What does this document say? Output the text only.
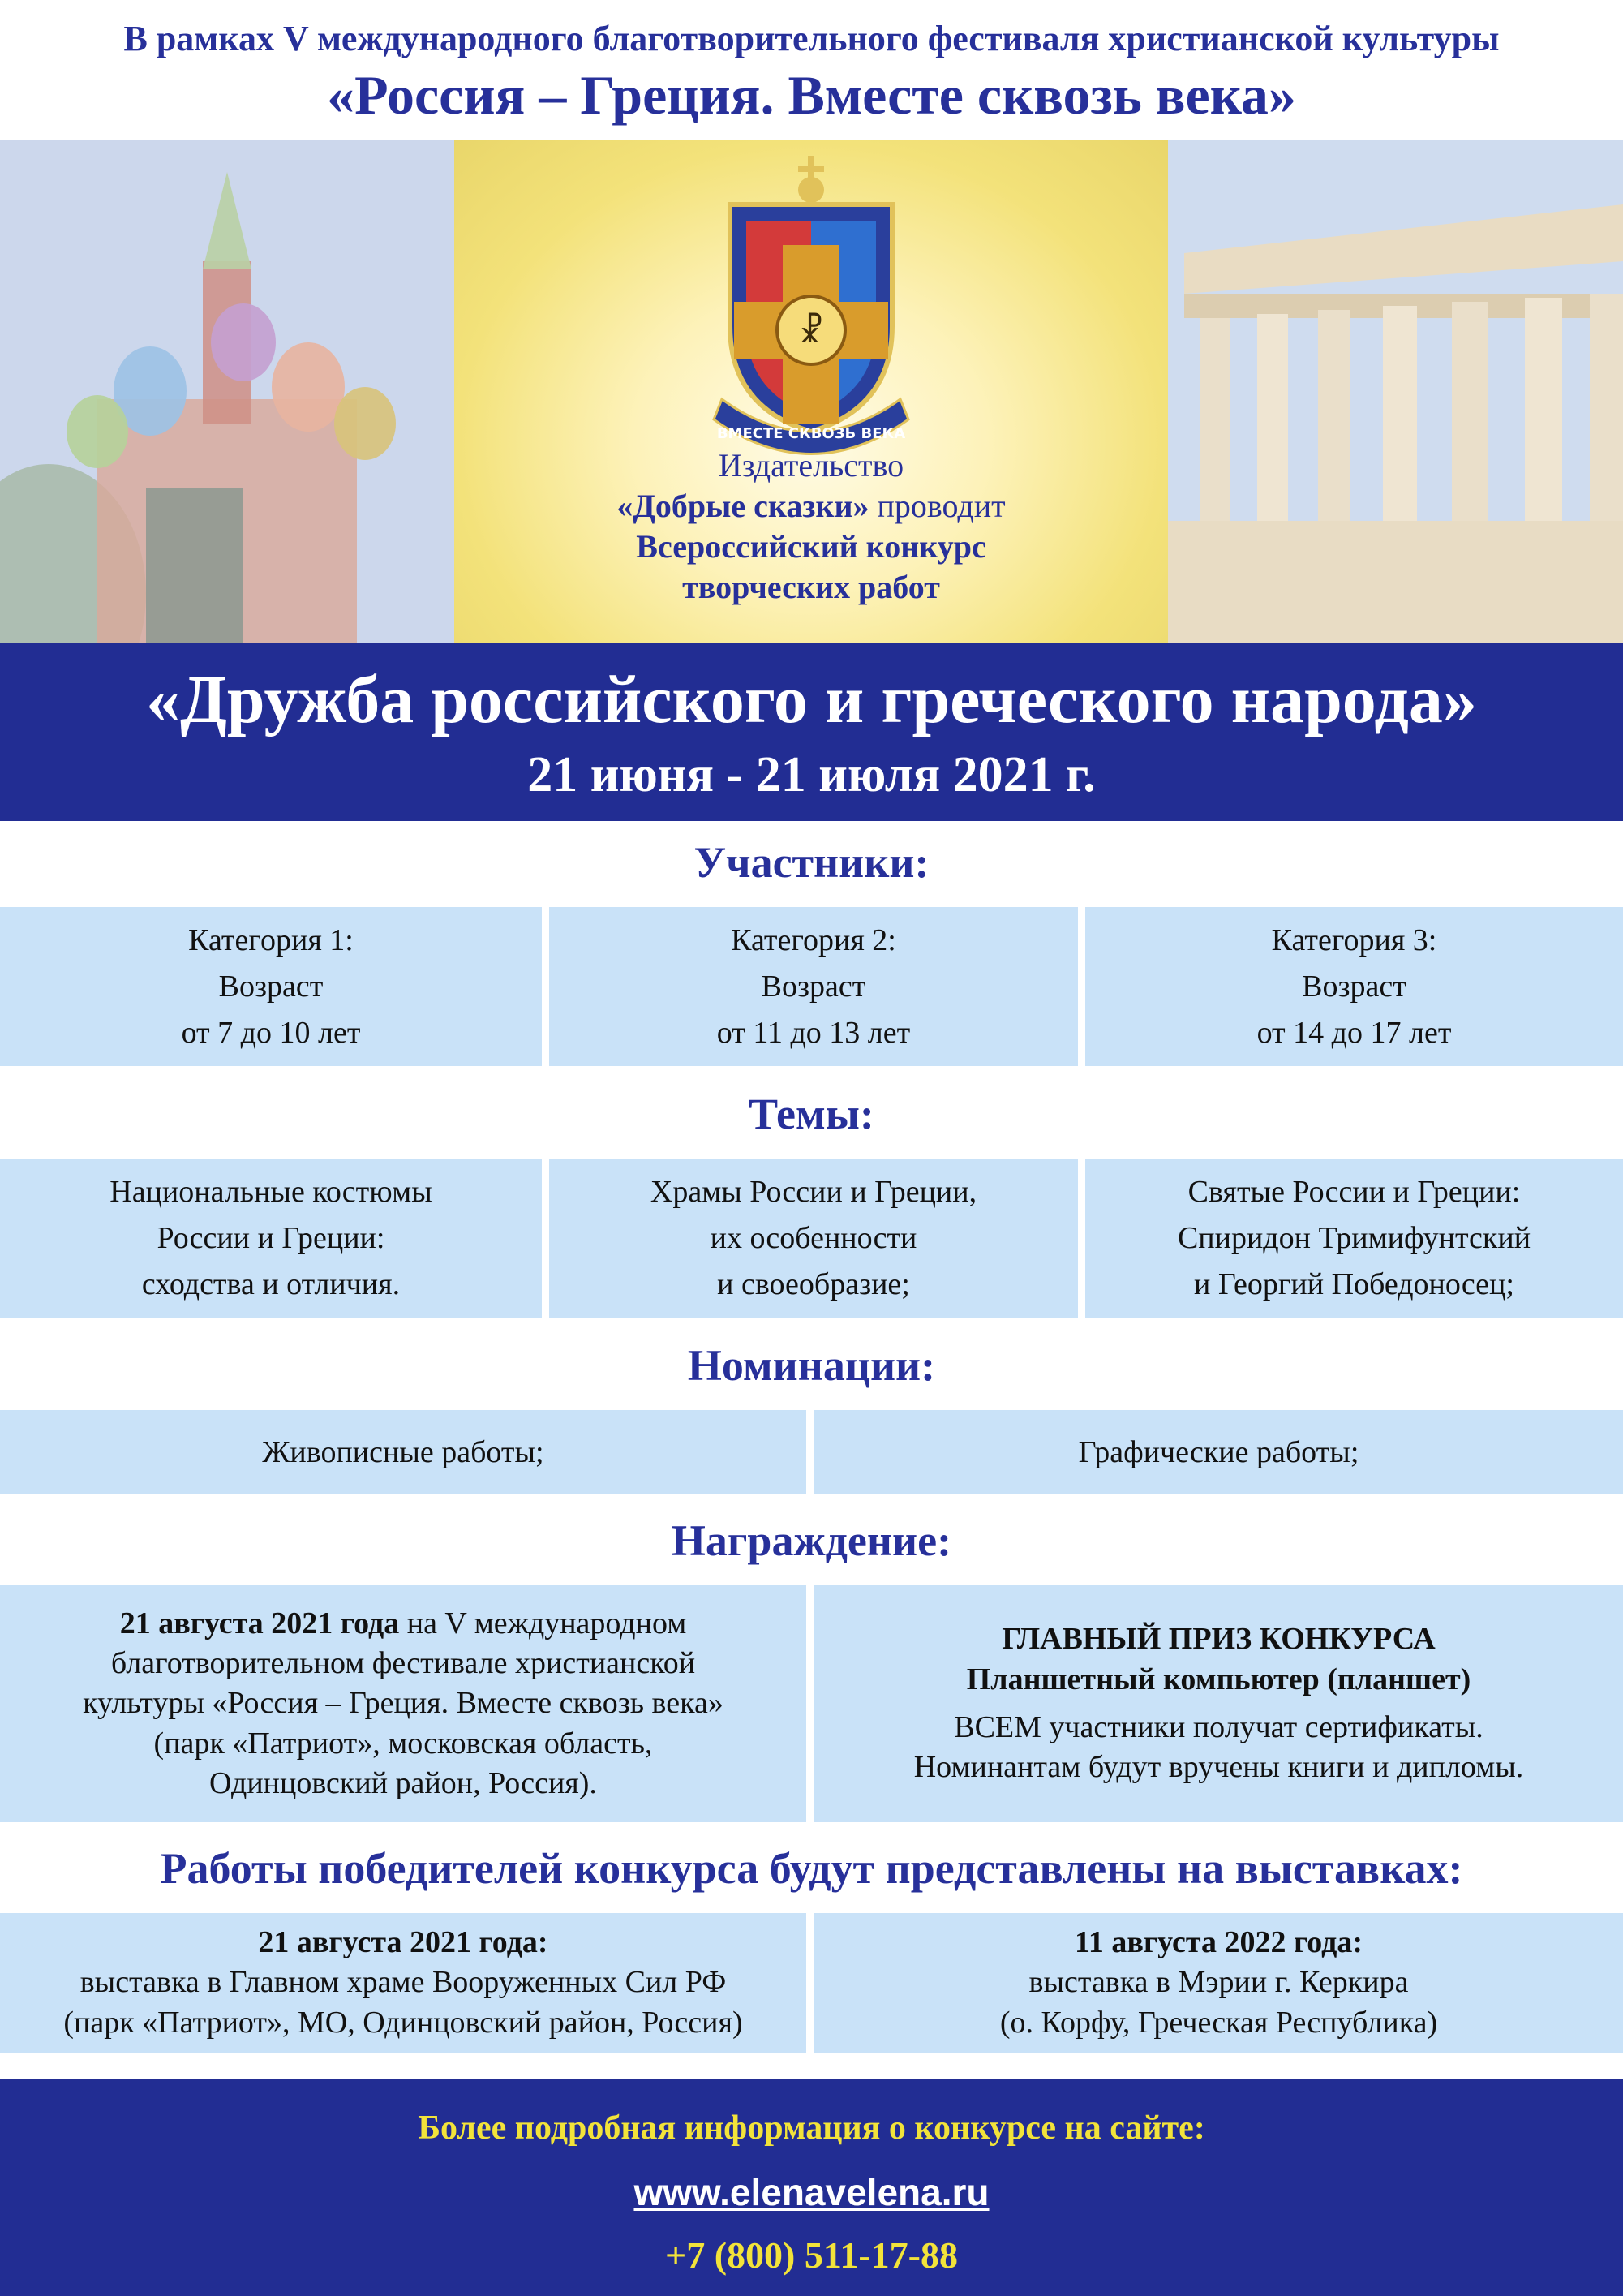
В рамках V международного благотворительного фестиваля христианской культуры
«Россия – Греция. Вместе сквозь века»
☧
ВМЕСТЕ СКВОЗЬ ВЕКА
Издательство
«Добрые сказки» проводит
Всероссийский конкурс
творческих работ
«Дружба российского и греческого народа»
21 июня - 21 июля 2021 г.
Участники:
Категория 1:
Возраст
от 7 до 10 лет
Категория 2:
Возраст
от 11 до 13 лет
Категория 3:
Возраст
от 14 до 17 лет
Темы:
Национальные костюмы
России и Греции:
сходства и отличия.
Храмы России и Греции,
их особенности
и своеобразие;
Святые России и Греции:
Спиридон Тримифунтский
и Георгий Победоносец;
Номинации:
Живописные работы;	Графические работы;
Награждение:
21 августа 2021 года на V международном
благотворительном фестивале христианской
культуры «Россия – Греция. Вместе сквозь века»
(парк «Патриот», московская область,
Одинцовский район, Россия).
ГЛАВНЫЙ ПРИЗ КОНКУРСА
Планшетный компьютер (планшет)
ВСЕМ участники получат сертификаты.
Номинантам будут вручены книги и дипломы.
Работы победителей конкурса будут представлены на выставках:
21 августа 2021 года:
выставка в Главном храме Вооруженных Сил РФ
(парк «Патриот», МО, Одинцовский район, Россия)
11 августа 2022 года:
выставка в Мэрии г. Керкира
(о. Корфу, Греческая Республика)
Более подробная информация о конкурсе на сайте:
www.elenavelena.ru
+7 (800) 511-17-88
